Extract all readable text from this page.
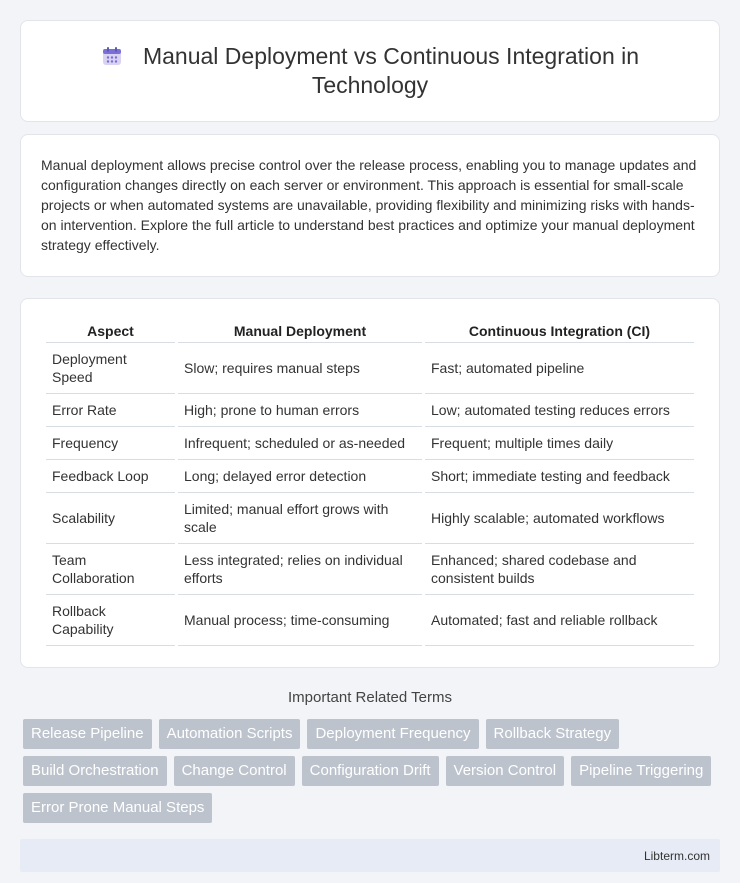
Manual Deployment vs Continuous Integration in Technology

Manual deployment allows precise control over the release process, enabling you to manage updates and configuration changes directly on each server or environment. This approach is essential for small-scale projects or when automated systems are unavailable, providing flexibility and minimizing risks with hands-on intervention. Explore the full article to understand best practices and optimize your manual deployment strategy effectively.

Aspect	Manual Deployment	Continuous Integration (CI)
Deployment Speed	Slow; requires manual steps	Fast; automated pipeline
Error Rate	High; prone to human errors	Low; automated testing reduces errors
Frequency	Infrequent; scheduled or as-needed	Frequent; multiple times daily
Feedback Loop	Long; delayed error detection	Short; immediate testing and feedback
Scalability	Limited; manual effort grows with scale	Highly scalable; automated workflows
Team Collaboration	Less integrated; relies on individual efforts	Enhanced; shared codebase and consistent builds
Rollback Capability	Manual process; time-consuming	Automated; fast and reliable rollback
Important Related Terms
Release Pipeline	Automation Scripts	Deployment Frequency	Rollback Strategy
Build Orchestration	Change Control	Configuration Drift	Version Control	Pipeline Triggering
Error Prone Manual Steps
Libterm.com
